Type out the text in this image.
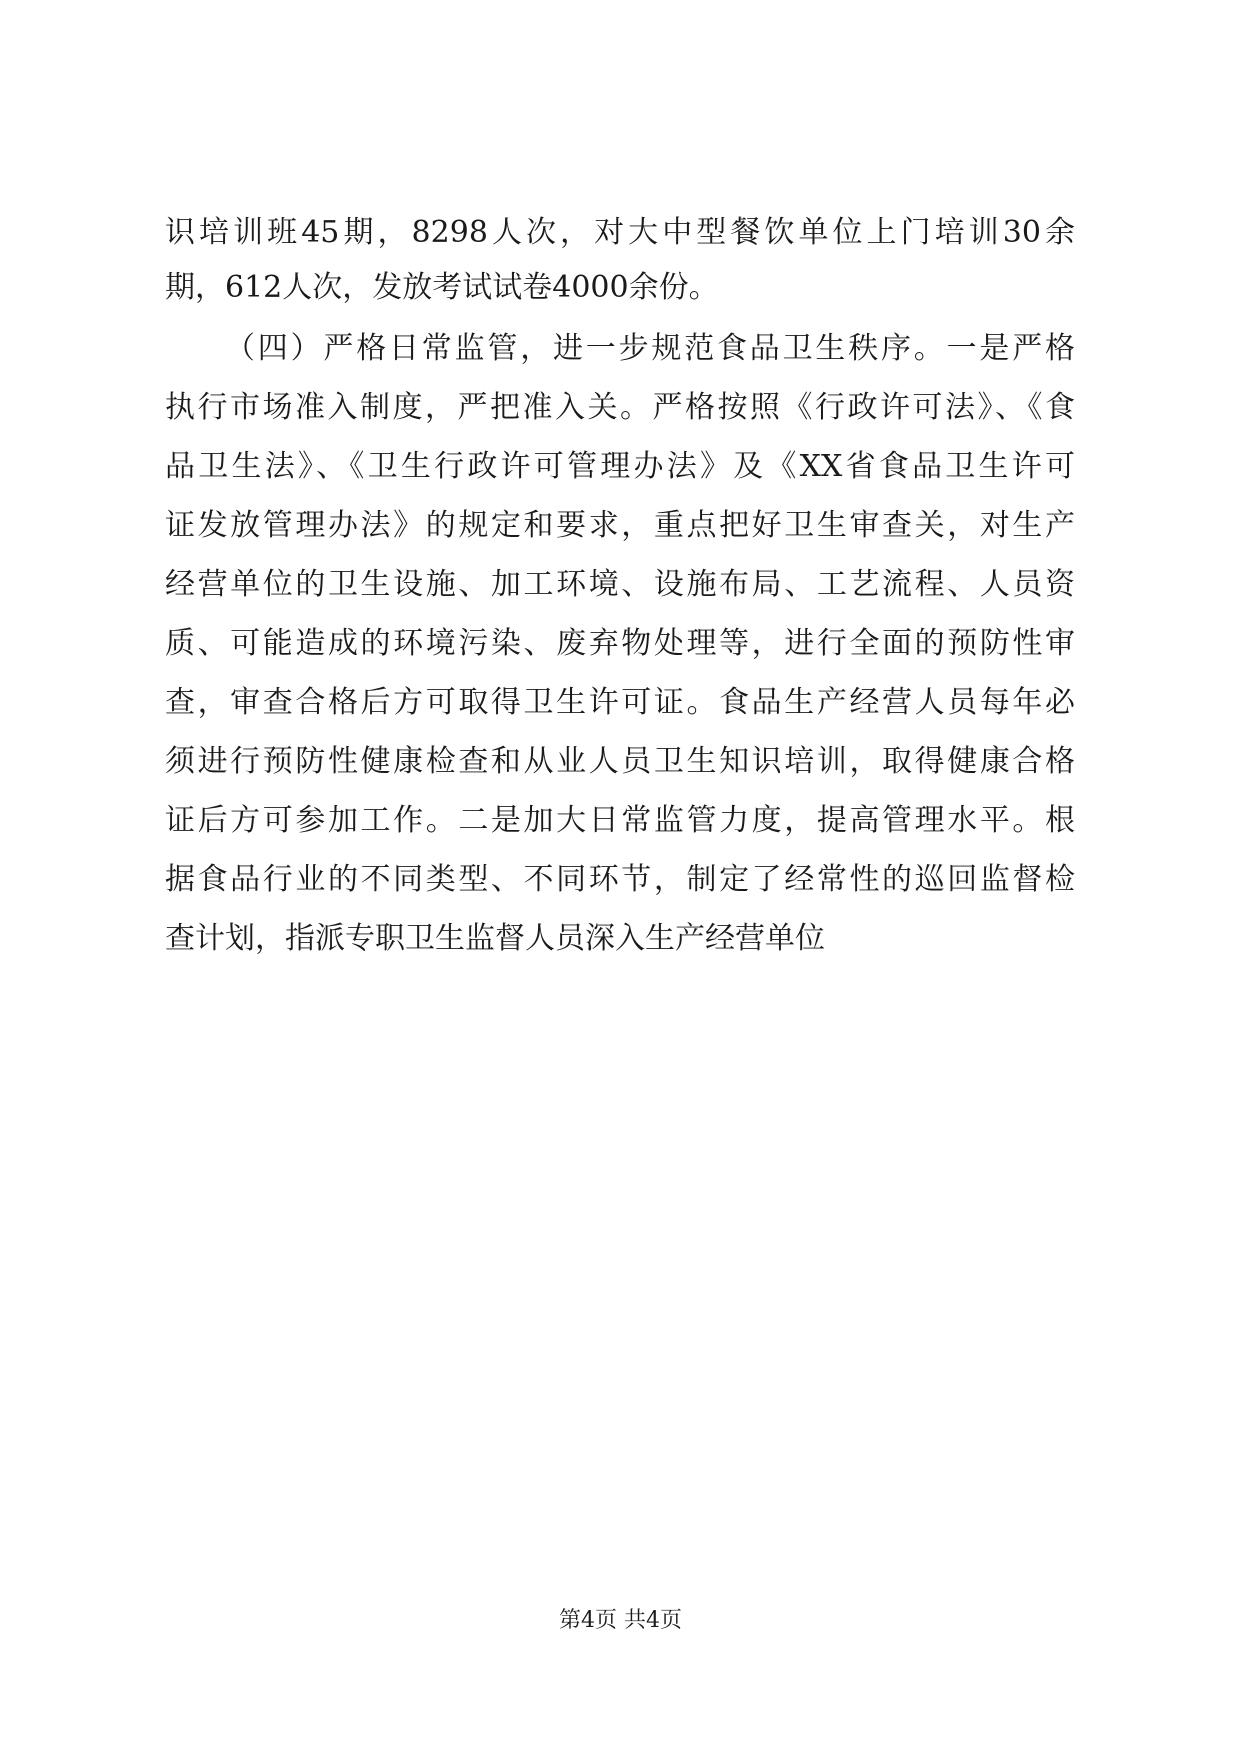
识培训班45期，8298人次，对大中型餐饮单位上门培训30余
期，612人次，发放考试试卷4000余份。
（四）严格日常监管，进一步规范食品卫生秩序。一是严格
执行市场准入制度，严把准入关。严格按照《行政许可法》、《食
品卫生法》、《卫生行政许可管理办法》及《XX省食品卫生许可
证发放管理办法》的规定和要求，重点把好卫生审查关，对生产
经营单位的卫生设施、加工环境、设施布局、工艺流程、人员资
质、可能造成的环境污染、废弃物处理等，进行全面的预防性审
查，审查合格后方可取得卫生许可证。食品生产经营人员每年必
须进行预防性健康检查和从业人员卫生知识培训，取得健康合格
证后方可参加工作。二是加大日常监管力度，提高管理水平。根
据食品行业的不同类型、不同环节，制定了经常性的巡回监督检
查计划，指派专职卫生监督人员深入生产经营单位
第4页 共4页
